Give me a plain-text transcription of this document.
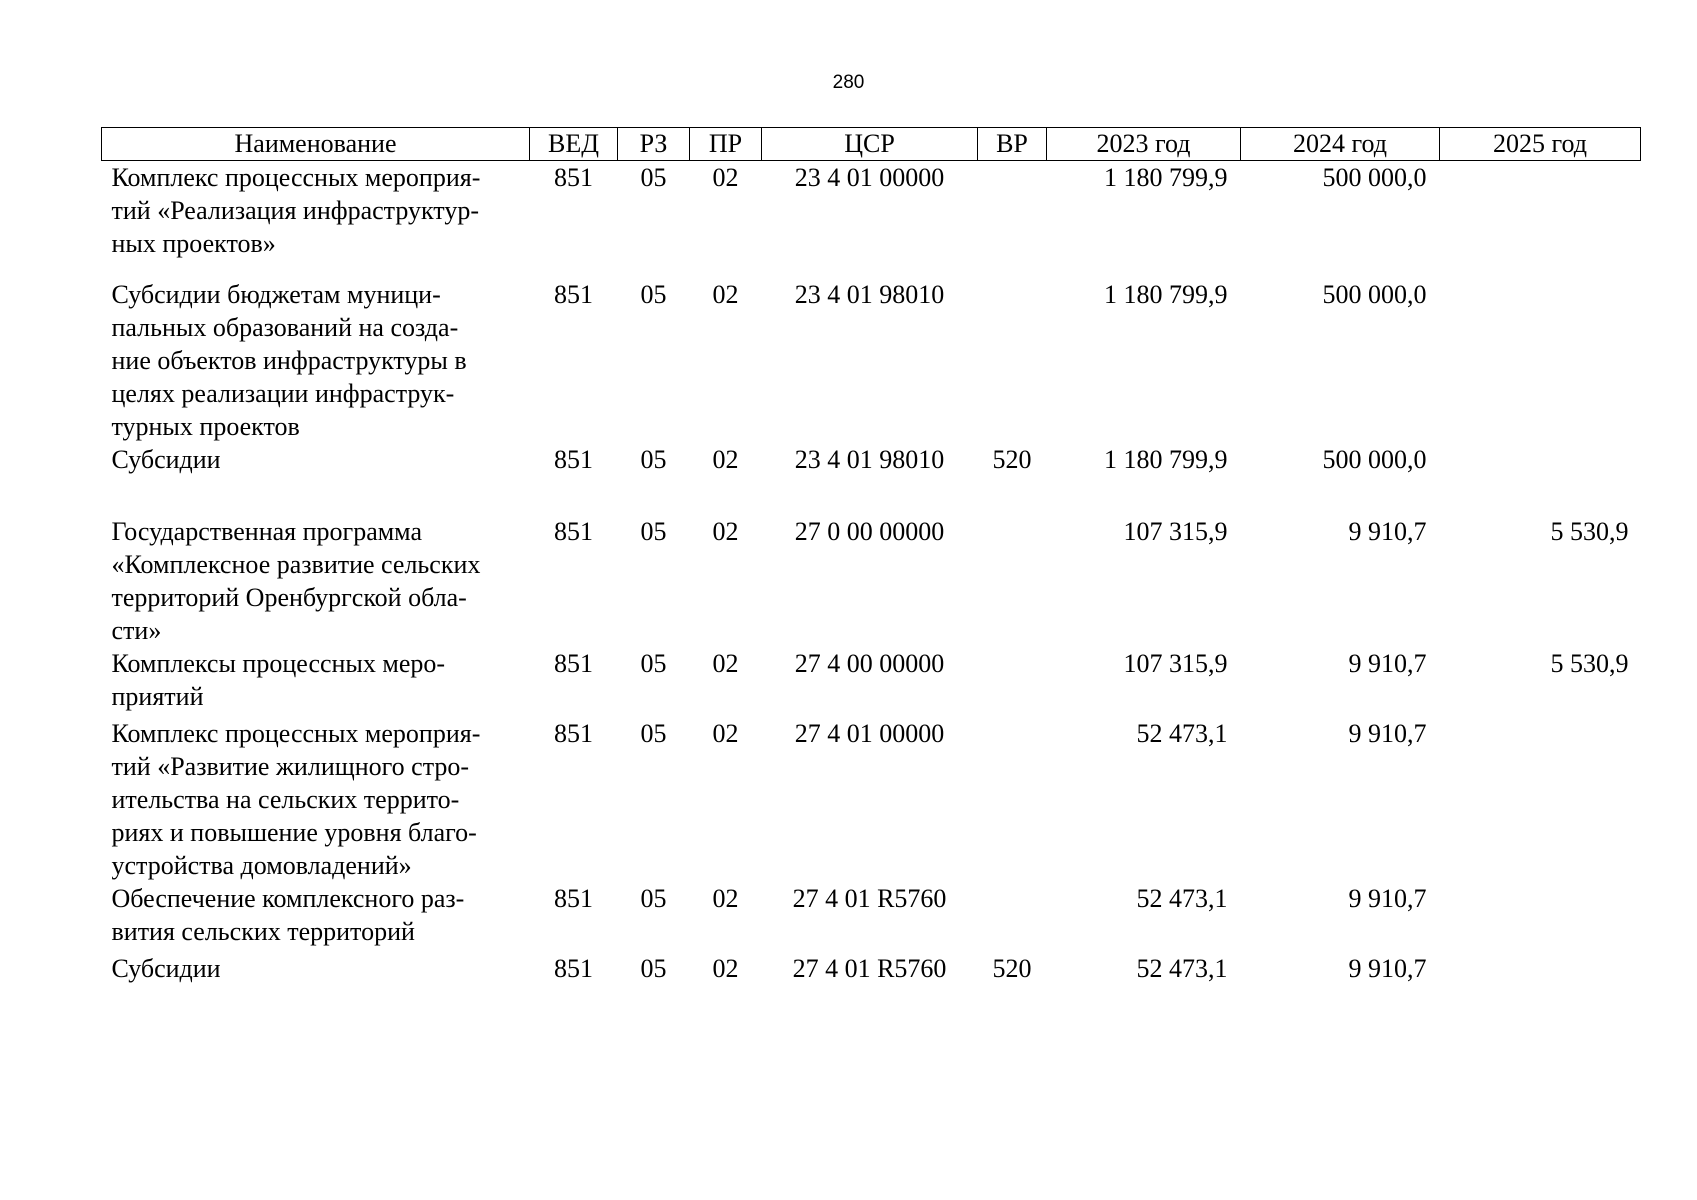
280
Наименование	ВЕД	РЗ	ПР	ЦСР	ВР	2023 год	2024 год	2025 год
Комплекс процессных мероприя-
тий «Реализация инфраструктур-
ных проектов»	851	05	02	23 4 01 00000		1 180 799,9	500 000,0	
Субсидии бюджетам муници-
пальных образований на созда-
ние объектов инфраструктуры в
целях реализации инфраструк-
турных проектов	851	05	02	23 4 01 98010		1 180 799,9	500 000,0	
Субсидии	851	05	02	23 4 01 98010	520	1 180 799,9	500 000,0	
Государственная программа
«Комплексное развитие сельских
территорий Оренбургской обла-
сти»	851	05	02	27 0 00 00000		107 315,9	9 910,7	5 530,9
Комплексы процессных меро-
приятий	851	05	02	27 4 00 00000		107 315,9	9 910,7	5 530,9
Комплекс процессных мероприя-
тий «Развитие жилищного стро-
ительства на сельских террито-
риях и повышение уровня благо-
устройства домовладений»	851	05	02	27 4 01 00000		52 473,1	9 910,7	
Обеспечение комплексного раз-
вития сельских территорий	851	05	02	27 4 01 R5760		52 473,1	9 910,7	
Субсидии	851	05	02	27 4 01 R5760	520	52 473,1	9 910,7	
